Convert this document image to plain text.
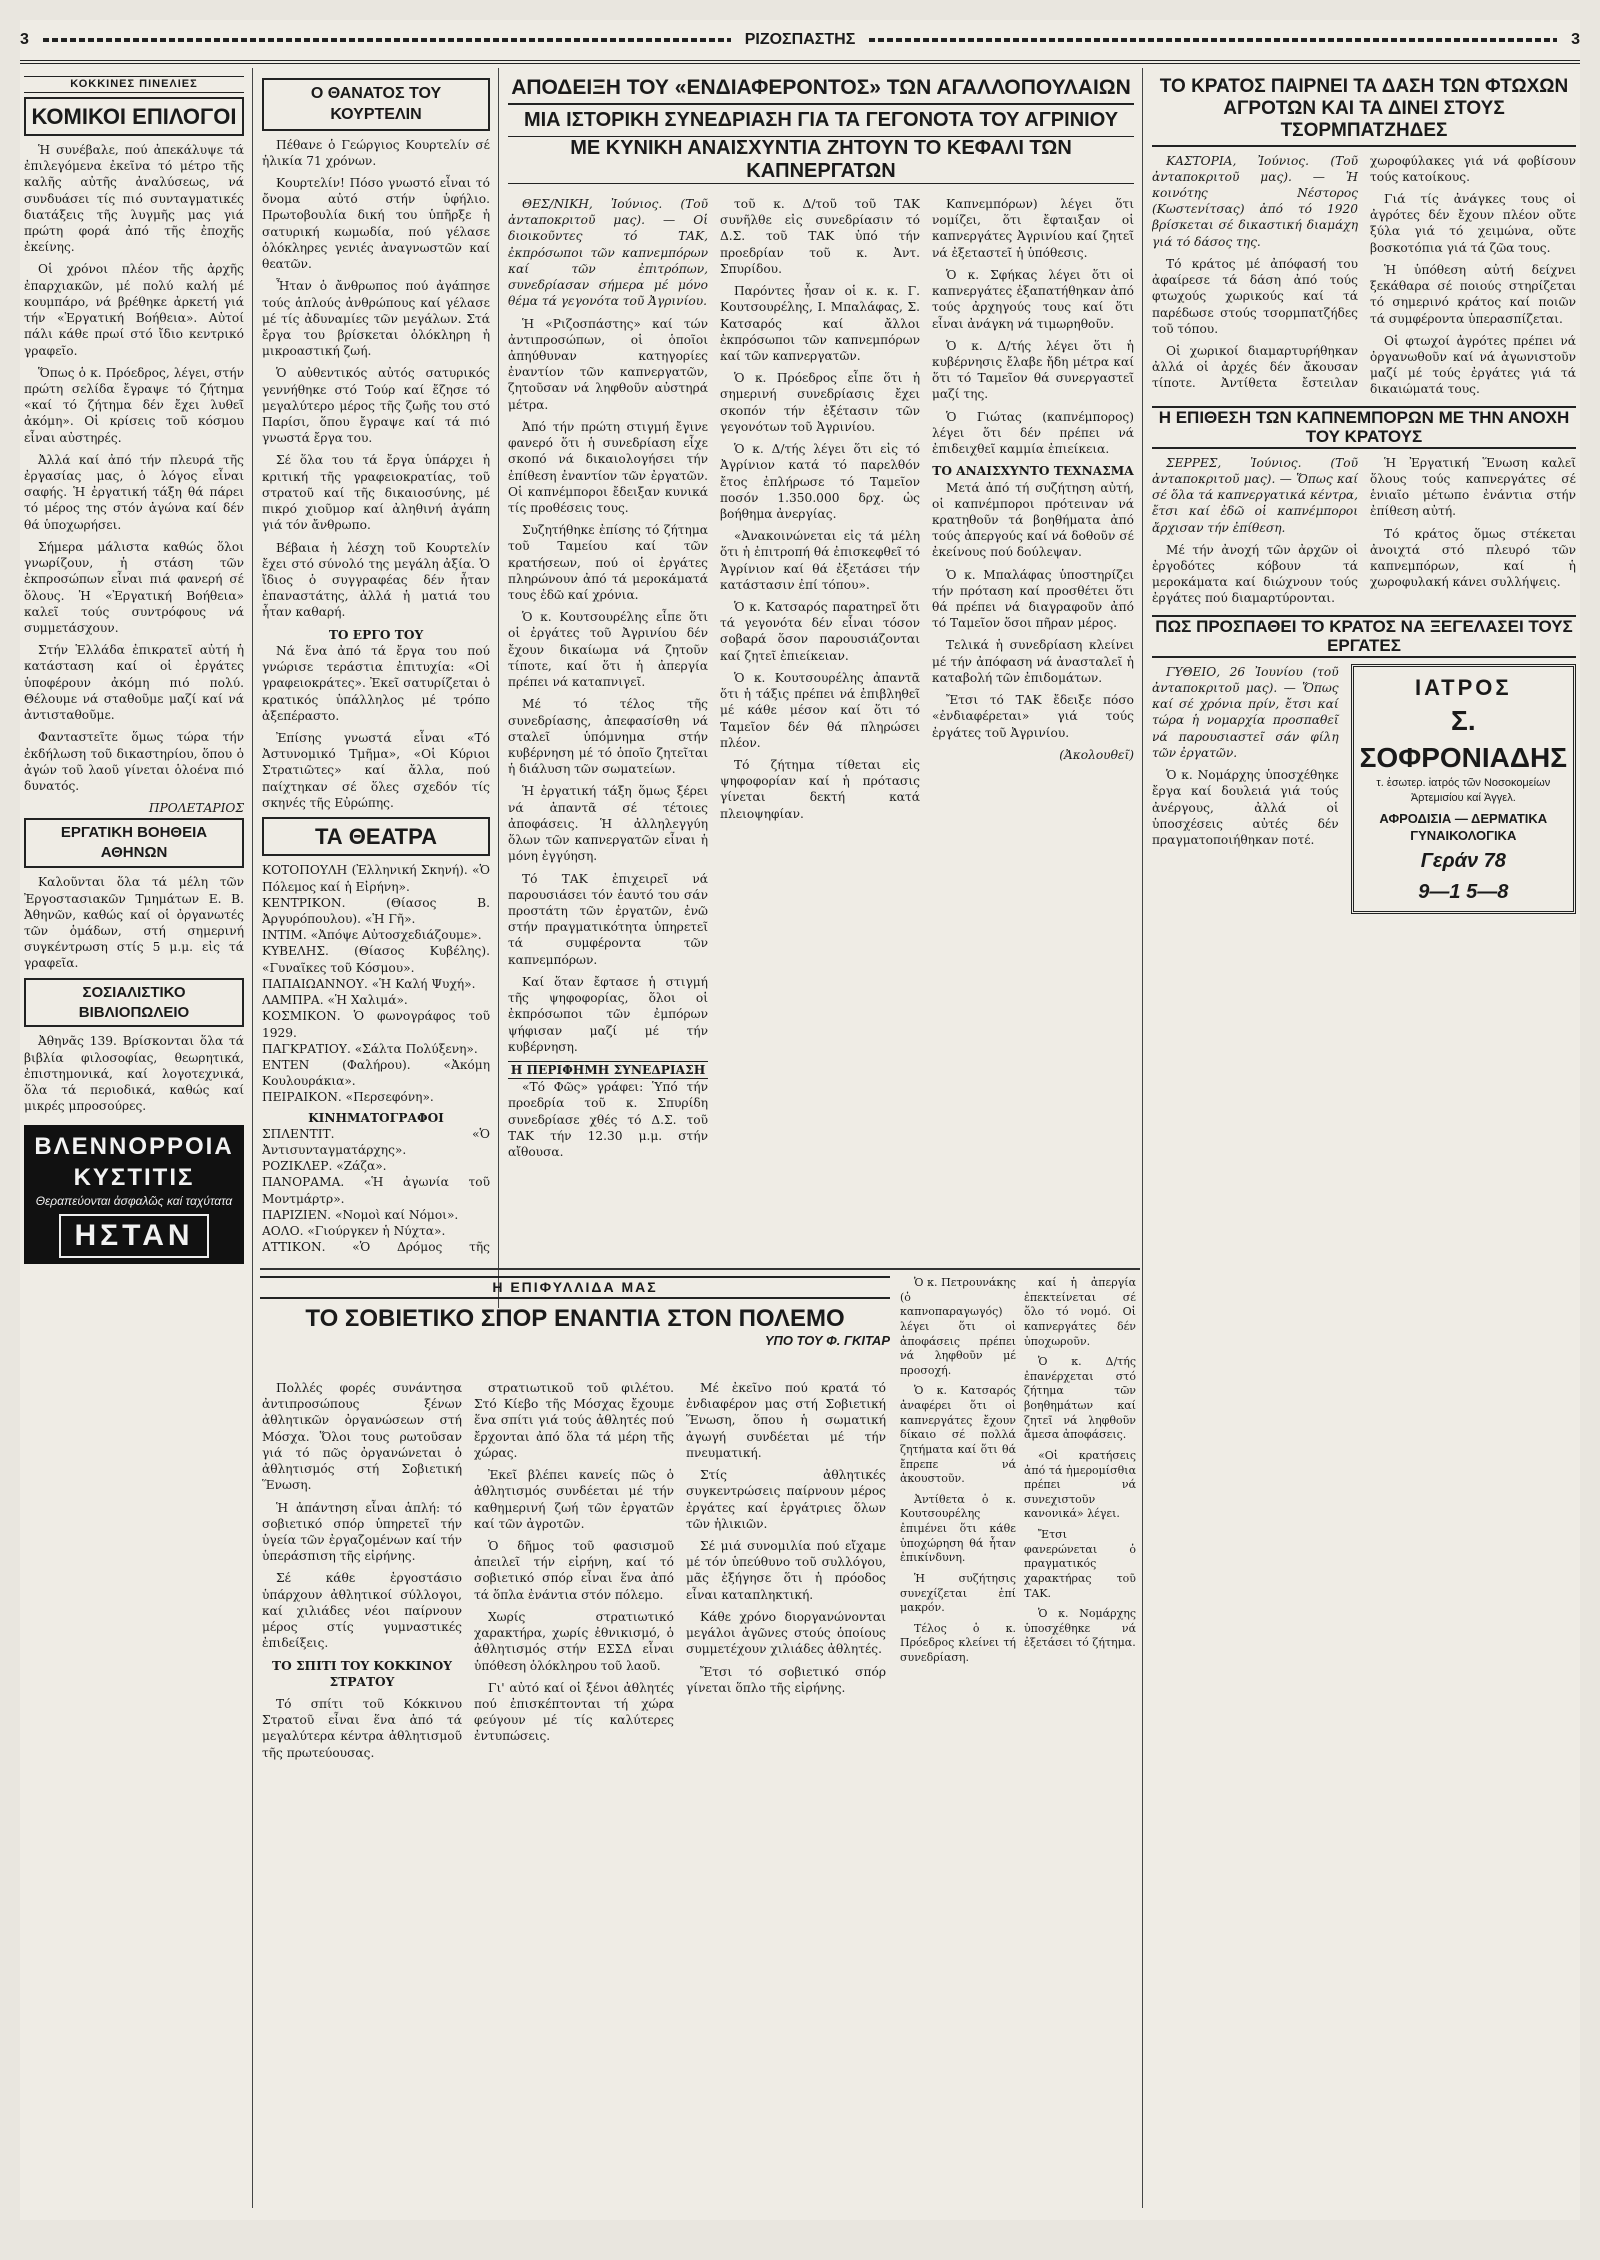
3	ΡΙΖΟΣΠΑΣΤΗΣ	3
ΚΟΚΚΙΝΕΣ ΠΙΝΕΛΙΕΣ
ΚΟΜΙΚΟΙ ΕΠΙΛΟΓΟΙ

Ἡ συνέβαλε, πού ἀπεκάλυψε τά ἐπιλεγόμενα ἐκεῖνα τό μέτρο τῆς καλῆς αὐτῆς ἀναλύσεως, νά συνδυάσει τίς πιό συνταγματικές διατάξεις τῆς λυγμῆς μας γιά πρώτη φορά ἀπό τῆς ἐποχῆς ἐκείνης.

Οἱ χρόνοι πλέον τῆς ἀρχῆς ἐπαρχιακῶν, μέ πολύ καλή μέ κουμπάρο, νά βρέθηκε ἀρκετή γιά τήν «Ἐργατική Βοήθεια». Αὐτοί πάλι κάθε πρωί στό ἴδιο κεντρικό γραφεῖο.

Ὅπως ὁ κ. Πρόεδρος, λέγει, στήν πρώτη σελίδα ἔγραψε τό ζήτημα «καί τό ζήτημα δέν ἔχει λυθεῖ ἀκόμη». Οἱ κρίσεις τοῦ κόσμου εἶναι αὐστηρές.

Ἀλλά καί ἀπό τήν πλευρά τῆς ἐργασίας μας, ὁ λόγος εἶναι σαφής. Ἡ ἐργατική τάξη θά πάρει τό μέρος της στόν ἀγώνα καί δέν θά ὑποχωρήσει.

Σήμερα μάλιστα καθώς ὅλοι γνωρίζουν, ἡ στάση τῶν ἐκπροσώπων εἶναι πιά φανερή σέ ὅλους. Ἡ «Ἐργατική Βοήθεια» καλεῖ τούς συντρόφους νά συμμετάσχουν.

Στήν Ἑλλάδα ἐπικρατεῖ αὐτή ἡ κατάσταση καί οἱ ἐργάτες ὑποφέρουν ἀκόμη πιό πολύ. Θέλουμε νά σταθοῦμε μαζί καί νά ἀντισταθοῦμε.

Φανταστεῖτε ὅμως τώρα τήν ἐκδήλωση τοῦ δικαστηρίου, ὅπου ὁ ἀγών τοῦ λαοῦ γίνεται ὁλοένα πιό δυνατός.

ΠΡΟΛΕΤΑΡΙΟΣ
ΕΡΓΑΤΙΚΗ ΒΟΗΘΕΙΑ ΑΘΗΝΩΝ

Καλοῦνται ὅλα τά μέλη τῶν Ἐργοστασιακῶν Τμημάτων Ε. Β. Ἀθηνῶν, καθώς καί οἱ ὀργανωτές τῶν ὁμάδων, στή σημερινή συγκέντρωση στίς 5 μ.μ. εἰς τά γραφεῖα.

ΣΟΣΙΑΛΙΣΤΙΚΟ ΒΙΒΛΙΟΠΩΛΕΙΟ

Ἀθηνᾶς 139. Βρίσκονται ὅλα τά βιβλία φιλοσοφίας, θεωρητικά, ἐπιστημονικά, καί λογοτεχνικά, ὅλα τά περιοδικά, καθώς καί μικρές μπροσούρες.

ΒΛΕΝΝΟΡΡΟΙΑ
ΚΥΣΤΙΤΙΣ
Θεραπεύονται ἀσφαλῶς καί ταχύτατα
ΗΣΤΑΝ
Ο ΘΑΝΑΤΟΣ ΤΟΥ ΚΟΥΡΤΕΛΙΝ

Πέθανε ὁ Γεώργιος Κουρτελίν σέ ἡλικία 71 χρόνων.

Κουρτελίν! Πόσο γνωστό εἶναι τό ὄνομα αὐτό στήν ὑφήλιο. Πρωτοβουλία δική του ὑπῆρξε ἡ σατυρική κωμωδία, πού γέλασε ὁλόκληρες γενιές ἀναγνωστῶν καί θεατῶν.

Ἦταν ὁ ἄνθρωπος πού ἀγάπησε τούς ἁπλούς ἀνθρώπους καί γέλασε μέ τίς ἀδυναμίες τῶν μεγάλων. Στά ἔργα του βρίσκεται ὁλόκληρη ἡ μικροαστική ζωή.

Ὁ αὐθεντικός αὐτός σατυρικός γεννήθηκε στό Τούρ καί ἔζησε τό μεγαλύτερο μέρος τῆς ζωῆς του στό Παρίσι, ὅπου ἔγραψε καί τά πιό γνωστά ἔργα του.

Σέ ὅλα του τά ἔργα ὑπάρχει ἡ κριτική τῆς γραφειοκρατίας, τοῦ στρατοῦ καί τῆς δικαιοσύνης, μέ πικρό χιοῦμορ καί ἀληθινή ἀγάπη γιά τόν ἄνθρωπο.

Βέβαια ἡ λέσχη τοῦ Κουρτελίν ἔχει στό σύνολό της μεγάλη ἀξία. Ὁ ἴδιος ὁ συγγραφέας δέν ἦταν ἐπαναστάτης, ἀλλά ἡ ματιά του ἦταν καθαρή.

ΤΟ ΕΡΓΟ ΤΟΥ

Νά ἕνα ἀπό τά ἔργα του πού γνώρισε τεράστια ἐπιτυχία: «Οἱ γραφειοκράτες». Ἐκεῖ σατυρίζεται ὁ κρατικός ὑπάλληλος μέ τρόπο ἀξεπέραστο.

Ἐπίσης γνωστά εἶναι «Τό Ἀστυνομικό Τμῆμα», «Οἱ Κύριοι Στρατιῶτες» καί ἄλλα, πού παίχτηκαν σέ ὅλες σχεδόν τίς σκηνές τῆς Εὐρώπης.

ΤΑ ΘΕΑΤΡΑ
ΚΟΤΟΠΟΥΛΗ (Ἐλληνική Σκηνή). «Ὁ Πόλεμος καί ἡ Εἰρήνη».
ΚΕΝΤΡΙΚΟΝ. (Θίασος Β. Ἀργυρόπουλου). «Ἡ Γῆ».
ΙΝΤΙΜ. «Ἀπόψε Αὐτοσχεδιάζουμε».
ΚΥΒΕΛΗΣ. (Θίασος Κυβέλης). «Γυναῖκες τοῦ Κόσμου».
ΠΑΠΑΙΩΑΝΝΟΥ. «Ἡ Καλή Ψυχή».
ΛΑΜΠΡΑ. «Ἡ Χαλιμά».
ΚΟΣΜΙΚΟΝ. Ὁ φωνογράφος τοῦ 1929.
ΠΑΓΚΡΑΤΙΟΥ. «Σάλτα Πολύξενη».
ΕΝΤΕΝ (Φαλήρου). «Ἀκόμη Κουλουράκια».
ΠΕΙΡΑΙΚΟΝ. «Περσεφόνη».
ΚΙΝΗΜΑΤΟΓΡΑΦΟΙ
ΣΠΛΕΝΤΙΤ. «Ὁ Ἀντισυνταγματάρχης».
ΡΟΖΙΚΛΕΡ. «Ζάζα».
ΠΑΝΟΡΑΜΑ. «Ἡ ἀγωνία τοῦ Μοντμάρτρ».
ΠΑΡΙΖΙΕΝ. «Νομοὶ καί Νόμοι».
ΑΟΛΟ. «Γιούργκεν ἡ Νύχτα».
ΑΤΤΙΚΟΝ. «Ὁ Δρόμος τῆς
ΑΠΟΔΕΙΞΗ ΤΟΥ «ΕΝΔΙΑΦΕΡΟΝΤΟΣ» ΤΩΝ ΑΓΑΛΛΟΠΟΥΛΑΙΩΝ
ΜΙΑ ΙΣΤΟΡΙΚΗ ΣΥΝΕΔΡΙΑΣΗ ΓΙΑ ΤΑ ΓΕΓΟΝΟΤΑ ΤΟΥ ΑΓΡΙΝΙΟΥ
ΜΕ ΚΥΝΙΚΗ ΑΝΑΙΣΧΥΝΤΙΑ ΖΗΤΟΥΝ ΤΟ ΚΕΦΑΛΙ ΤΩΝ ΚΑΠΝΕΡΓΑΤΩΝ

ΘΕΣ/ΝΙΚΗ, Ἰούνιος. (Τοῦ ἀνταποκριτοῦ μας). — Οἱ διοικοῦντες τό ΤΑΚ, ἐκπρόσωποι τῶν καπνεμπόρων καί τῶν ἐπιτρόπων, συνεδρίασαν σήμερα μέ μόνο θέμα τά γεγονότα τοῦ Ἀγρινίου.

Ἡ «Ριζοσπάστης» καί τών ἀντιπροσώπων, οἱ ὁποῖοι ἀπηύθυναν κατηγορίες ἐναντίον τῶν καπνεργατῶν, ζητοῦσαν νά ληφθοῦν αὐστηρά μέτρα.

Ἀπό τήν πρώτη στιγμή ἔγινε φανερό ὅτι ἡ συνεδρίαση εἶχε σκοπό νά δικαιολογήσει τήν ἐπίθεση ἐναντίον τῶν ἐργατῶν. Οἱ καπνέμποροι ἔδειξαν κυνικά τίς προθέσεις τους.

Συζητήθηκε ἐπίσης τό ζήτημα τοῦ Ταμείου καί τῶν κρατήσεων, πού οἱ ἐργάτες πληρώνουν ἀπό τά μεροκάματά τους ἐδῶ καί χρόνια.

Ὁ κ. Κουτσουρέλης εἶπε ὅτι οἱ ἐργάτες τοῦ Ἀγρινίου δέν ἔχουν δικαίωμα νά ζητοῦν τίποτε, καί ὅτι ἡ ἀπεργία πρέπει νά καταπνιγεῖ.

Μέ τό τέλος τῆς συνεδρίασης, ἀπεφασίσθη νά σταλεῖ ὑπόμνημα στήν κυβέρνηση μέ τό ὁποῖο ζητεῖται ἡ διάλυση τῶν σωματείων.

Ἡ ἐργατική τάξη ὅμως ξέρει νά ἀπαντᾶ σέ τέτοιες ἀποφάσεις. Ἡ ἀλληλεγγύη ὅλων τῶν καπνεργατῶν εἶναι ἡ μόνη ἐγγύηση.

Τό ΤΑΚ ἐπιχειρεῖ νά παρουσιάσει τόν ἑαυτό του σάν προστάτη τῶν ἐργατῶν, ἐνῶ στήν πραγματικότητα ὑπηρετεῖ τά συμφέροντα τῶν καπνεμπόρων.

Καί ὅταν ἔφτασε ἡ στιγμή τῆς ψηφοφορίας, ὅλοι οἱ ἐκπρόσωποι τῶν ἐμπόρων ψήφισαν μαζί μέ τήν κυβέρνηση.

Η ΠΕΡΙΦΗΜΗ ΣΥΝΕΔΡΙΑΣΗ

«Τό Φῶς» γράφει: Ὑπό τήν προεδρία τοῦ κ. Σπυρίδη συνεδρίασε χθές τό Δ.Σ. τοῦ ΤΑΚ τήν 12.30 μ.μ. στήν αἴθουσα.

τοῦ κ. Δ/τοῦ τοῦ ΤΑΚ συνῆλθε εἰς συνεδρίασιν τό Δ.Σ. τοῦ ΤΑΚ ὑπό τήν προεδρίαν τοῦ κ. Ἀντ. Σπυρίδου.

Παρόντες ἦσαν οἱ κ. κ. Γ. Κουτσουρέλης, Ι. Μπαλάφας, Σ. Κατσαρός καί ἄλλοι ἐκπρόσωποι τῶν καπνεμπόρων καί τῶν καπνεργατῶν.

Ὁ κ. Πρόεδρος εἶπε ὅτι ἡ σημερινή συνεδρίασις ἔχει σκοπόν τήν ἐξέτασιν τῶν γεγονότων τοῦ Ἀγρινίου.

Ὁ κ. Δ/τής λέγει ὅτι εἰς τό Ἀγρίνιον κατά τό παρελθόν ἔτος ἐπλήρωσε τό Ταμεῖον ποσόν 1.350.000 δρχ. ὡς βοήθημα ἀνεργίας.

«Ἀνακοινώνεται εἰς τά μέλη ὅτι ἡ ἐπιτροπή θά ἐπισκεφθεῖ τό Ἀγρίνιον καί θά ἐξετάσει τήν κατάστασιν ἐπί τόπου».

Ὁ κ. Κατσαρός παρατηρεῖ ὅτι τά γεγονότα δέν εἶναι τόσον σοβαρά ὅσον παρουσιάζονται καί ζητεῖ ἐπιείκειαν.

Ὁ κ. Κουτσουρέλης ἀπαντᾶ ὅτι ἡ τάξις πρέπει νά ἐπιβληθεῖ μέ κάθε μέσον καί ὅτι τό Ταμεῖον δέν θά πληρώσει πλέον.

Τό ζήτημα τίθεται εἰς ψηφοφορίαν καί ἡ πρότασις γίνεται δεκτή κατά πλειοψηφίαν.

Καπνεμπόρων) λέγει ὅτι νομίζει, ὅτι ἔφταιξαν οἱ καπνεργάτες Ἀγρινίου καί ζητεῖ νά ἐξεταστεῖ ἡ ὑπόθεσις.

Ὁ κ. Σφήκας λέγει ὅτι οἱ καπνεργάτες ἐξαπατήθηκαν ἀπό τούς ἀρχηγούς τους καί ὅτι εἶναι ἀνάγκη νά τιμωρηθοῦν.

Ὁ κ. Δ/τής λέγει ὅτι ἡ κυβέρνησις ἔλαβε ἤδη μέτρα καί ὅτι τό Ταμεῖον θά συνεργαστεῖ μαζί της.

Ὁ Γιώτας (καπνέμπορος) λέγει ὅτι δέν πρέπει νά ἐπιδειχθεῖ καμμία ἐπιείκεια.

ΤΟ ΑΝΑΙΣΧΥΝΤΟ ΤΕΧΝΑΣΜΑ

Μετά ἀπό τή συζήτηση αὐτή, οἱ καπνέμποροι πρότειναν νά κρατηθοῦν τά βοηθήματα ἀπό τούς ἀπεργούς καί νά δοθοῦν σέ ἐκείνους πού δούλεψαν.

Ὁ κ. Μπαλάφας ὑποστηρίζει τήν πρόταση καί προσθέτει ὅτι θά πρέπει νά διαγραφοῦν ἀπό τό Ταμεῖον ὅσοι πῆραν μέρος.

Τελικά ἡ συνεδρίαση κλείνει μέ τήν ἀπόφαση νά ἀνασταλεῖ ἡ καταβολή τῶν ἐπιδομάτων.

Ἔτσι τό ΤΑΚ ἔδειξε πόσο «ἐνδιαφέρεται» γιά τούς ἐργάτες τοῦ Ἀγρινίου.

(Ἀκολουθεῖ)
Η ΕΠΙΦΥΛΛΙΔΑ ΜΑΣ
ΤΟ ΣΟΒΙΕΤΙΚΟ ΣΠΟΡ ΕΝΑΝΤΙΑ ΣΤΟΝ ΠΟΛΕΜΟ
ΥΠΟ ΤΟΥ Φ. ΓΚΙΤΑΡ

Πολλές φορές συνάντησα ἀντιπροσώπους ξένων ἀθλητικῶν ὀργανώσεων στή Μόσχα. Ὅλοι τους ρωτοῦσαν γιά τό πῶς ὀργανώνεται ὁ ἀθλητισμός στή Σοβιετική Ἕνωση.

Ἡ ἀπάντηση εἶναι ἁπλή: τό σοβιετικό σπόρ ὑπηρετεῖ τήν ὑγεία τῶν ἐργαζομένων καί τήν ὑπεράσπιση τῆς εἰρήνης.

Σέ κάθε ἐργοστάσιο ὑπάρχουν ἀθλητικοί σύλλογοι, καί χιλιάδες νέοι παίρνουν μέρος στίς γυμναστικές ἐπιδείξεις.

ΤΟ ΣΠΙΤΙ ΤΟΥ ΚΟΚΚΙΝΟΥ ΣΤΡΑΤΟΥ

Τό σπίτι τοῦ Κόκκινου Στρατοῦ εἶναι ἕνα ἀπό τά μεγαλύτερα κέντρα ἀθλητισμοῦ τῆς πρωτεύουσας.

στρατιωτικοῦ τοῦ φιλέτου. Στό Κίεβο τῆς Μόσχας ἔχουμε ἕνα σπίτι γιά τούς ἀθλητές πού ἔρχονται ἀπό ὅλα τά μέρη τῆς χώρας.

Ἐκεῖ βλέπει κανείς πῶς ὁ ἀθλητισμός συνδέεται μέ τήν καθημερινή ζωή τῶν ἐργατῶν καί τῶν ἀγροτῶν.

Ὁ δῆμος τοῦ φασισμοῦ ἀπειλεῖ τήν εἰρήνη, καί τό σοβιετικό σπόρ εἶναι ἕνα ἀπό τά ὅπλα ἐνάντια στόν πόλεμο.

Χωρίς στρατιωτικό χαρακτήρα, χωρίς ἐθνικισμό, ὁ ἀθλητισμός στήν ΕΣΣΔ εἶναι ὑπόθεση ὁλόκληρου τοῦ λαοῦ.

Γι' αὐτό καί οἱ ξένοι ἀθλητές πού ἐπισκέπτονται τή χώρα φεύγουν μέ τίς καλύτερες ἐντυπώσεις.

Μέ ἐκεῖνο πού κρατά τό ἐνδιαφέρον μας στή Σοβιετική Ἕνωση, ὅπου ἡ σωματική ἀγωγή συνδέεται μέ τήν πνευματική.

Στίς ἀθλητικές συγκεντρώσεις παίρνουν μέρος ἐργάτες καί ἐργάτριες ὅλων τῶν ἡλικιῶν.

Σέ μιά συνομιλία πού εἴχαμε μέ τόν ὑπεύθυνο τοῦ συλλόγου, μᾶς ἐξήγησε ὅτι ἡ πρόοδος εἶναι καταπληκτική.

Κάθε χρόνο διοργανώνονται μεγάλοι ἀγῶνες στούς ὁποίους συμμετέχουν χιλιάδες ἀθλητές.

Ἔτσι τό σοβιετικό σπόρ γίνεται ὅπλο τῆς εἰρήνης.

Ὁ κ. Πετρουνάκης (ὁ καπνοπαραγωγός) λέγει ὅτι οἱ ἀποφάσεις πρέπει νά ληφθοῦν μέ προσοχή.

Ὁ κ. Κατσαρός ἀναφέρει ὅτι οἱ καπνεργάτες ἔχουν δίκαιο σέ πολλά ζητήματα καί ὅτι θά ἔπρεπε νά ἀκουστοῦν.

Ἀντίθετα ὁ κ. Κουτσουρέλης ἐπιμένει ὅτι κάθε ὑποχώρηση θά ἦταν ἐπικίνδυνη.

Ἡ συζήτησις συνεχίζεται ἐπί μακρόν.

Τέλος ὁ κ. Πρόεδρος κλείνει τή συνεδρίαση.

καί ἡ ἀπεργία ἐπεκτείνεται σέ ὅλο τό νομό. Οἱ καπνεργάτες δέν ὑποχωροῦν.

Ὁ κ. Δ/τής ἐπανέρχεται στό ζήτημα τῶν βοηθημάτων καί ζητεῖ νά ληφθοῦν ἄμεσα ἀποφάσεις.

«Οἱ κρατήσεις ἀπό τά ἡμερομίσθια πρέπει νά συνεχιστοῦν κανονικά» λέγει.

Ἔτσι φανερώνεται ὁ πραγματικός χαρακτήρας τοῦ ΤΑΚ.

Ὁ κ. Νομάρχης ὑποσχέθηκε νά ἐξετάσει τό ζήτημα.

ΤΟ ΚΡΑΤΟΣ ΠΑΙΡΝΕΙ ΤΑ ΔΑΣΗ ΤΩΝ ΦΤΩΧΩΝ ΑΓΡΟΤΩΝ ΚΑΙ ΤΑ ΔΙΝΕΙ ΣΤΟΥΣ ΤΣΟΡΜΠΑΤΖΗΔΕΣ

ΚΑΣΤΟΡΙΑ, Ἰούνιος. (Τοῦ ἀνταποκριτοῦ μας). — Ἡ κοινότης Νέστορος (Κωστενίτσας) ἀπό τό 1920 βρίσκεται σέ δικαστική διαμάχη γιά τό δάσος της.

Τό κράτος μέ ἀπόφασή του ἀφαίρεσε τά δάση ἀπό τούς φτωχούς χωρικούς καί τά παρέδωσε στούς τσορμπατζήδες τοῦ τόπου.

Οἱ χωρικοί διαμαρτυρήθηκαν ἀλλά οἱ ἀρχές δέν ἄκουσαν τίποτε. Ἀντίθετα ἔστειλαν χωροφύλακες γιά νά φοβίσουν τούς κατοίκους.

Γιά τίς ἀνάγκες τους οἱ ἀγρότες δέν ἔχουν πλέον οὔτε ξύλα γιά τό χειμώνα, οὔτε βοσκοτόπια γιά τά ζῶα τους.

Ἡ ὑπόθεση αὐτή δείχνει ξεκάθαρα σέ ποιούς στηρίζεται τό σημερινό κράτος καί ποιῶν τά συμφέροντα ὑπερασπίζεται.

Οἱ φτωχοί ἀγρότες πρέπει νά ὀργανωθοῦν καί νά ἀγωνιστοῦν μαζί μέ τούς ἐργάτες γιά τά δικαιώματά τους.

Η ΕΠΙΘΕΣΗ ΤΩΝ ΚΑΠΝΕΜΠΟΡΩΝ ΜΕ ΤΗΝ ΑΝΟΧΗ ΤΟΥ ΚΡΑΤΟΥΣ

ΣΕΡΡΕΣ, Ἰούνιος. (Τοῦ ἀνταποκριτοῦ μας). — Ὅπως καί σέ ὅλα τά καπνεργατικά κέντρα, ἔτσι καί ἐδῶ οἱ καπνέμποροι ἄρχισαν τήν ἐπίθεση.

Μέ τήν ἀνοχή τῶν ἀρχῶν οἱ ἐργοδότες κόβουν τά μεροκάματα καί διώχνουν τούς ἐργάτες πού διαμαρτύρονται.

Ἡ Ἐργατική Ἕνωση καλεῖ ὅλους τούς καπνεργάτες σέ ἑνιαῖο μέτωπο ἐνάντια στήν ἐπίθεση αὐτή.

Τό κράτος ὅμως στέκεται ἀνοιχτά στό πλευρό τῶν καπνεμπόρων, καί ἡ χωροφυλακή κάνει συλλήψεις.

ΠΩΣ ΠΡΟΣΠΑΘΕΙ ΤΟ ΚΡΑΤΟΣ ΝΑ ΞΕΓΕΛΑΣΕΙ ΤΟΥΣ ΕΡΓΑΤΕΣ

ΓΥΘΕΙΟ, 26 Ἰουνίου (τοῦ ἀνταποκριτοῦ μας). — Ὅπως καί σέ χρόνια πρίν, ἔτσι καί τώρα ἡ νομαρχία προσπαθεῖ νά παρουσιαστεῖ σάν φίλη τῶν ἐργατῶν.

Ὁ κ. Νομάρχης ὑποσχέθηκε ἔργα καί δουλειά γιά τούς ἀνέργους, ἀλλά οἱ ὑποσχέσεις αὐτές δέν πραγματοποιήθηκαν ποτέ.

ΙΑΤΡΟΣ
Σ. ΣΟΦΡΟΝΙΑΔΗΣ
τ. ἐσωτερ. ἰατρός τῶν Νοσοκομείων Ἀρτεμισίου καί Ἀγγελ.
ΑΦΡΟΔΙΣΙΑ — ΔΕΡΜΑΤΙΚΑ ΓΥΝΑΙΚΟΛΟΓΙΚΑ
Γεράν 78
9—1 5—8
